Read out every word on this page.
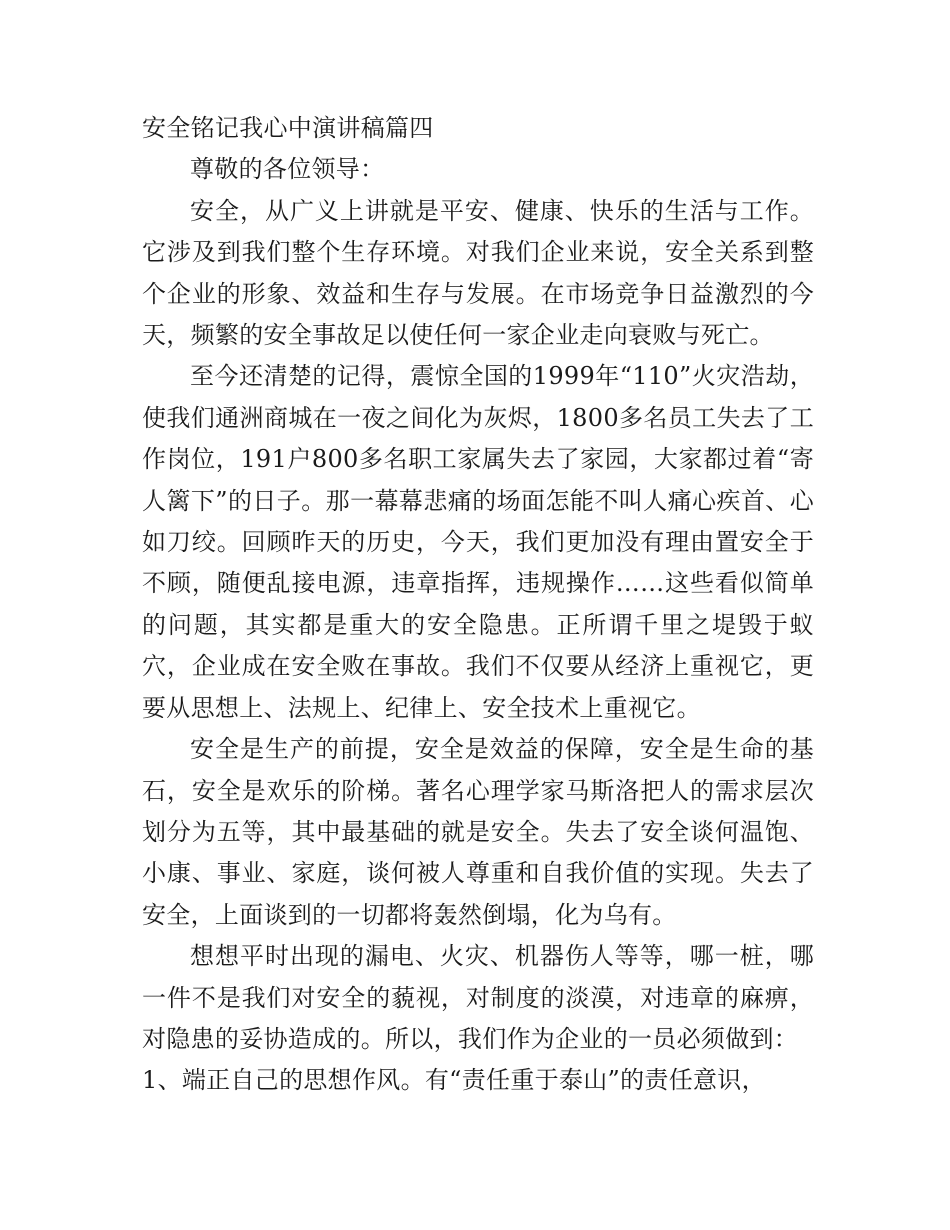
安全铭记我心中演讲稿篇四

尊敬的各位领导：

安全，从广义上讲就是平安、健康、快乐的生活与工作。它涉及到我们整个生存环境。对我们企业来说，安全关系到整个企业的形象、效益和生存与发展。在市场竞争日益激烈的今天，频繁的安全事故足以使任何一家企业走向衰败与死亡。

至今还清楚的记得，震惊全国的1999年“110”火灾浩劫，使我们通洲商城在一夜之间化为灰烬，1800多名员工失去了工作岗位，191户800多名职工家属失去了家园，大家都过着“寄人篱下”的日子。那一幕幕悲痛的场面怎能不叫人痛心疾首、心如刀绞。回顾昨天的历史，今天，我们更加没有理由置安全于不顾，随便乱接电源，违章指挥，违规操作……这些看似简单的问题，其实都是重大的安全隐患。正所谓千里之堤毁于蚁穴，企业成在安全败在事故。我们不仅要从经济上重视它，更要从思想上、法规上、纪律上、安全技术上重视它。

安全是生产的前提，安全是效益的保障，安全是生命的基石，安全是欢乐的阶梯。著名心理学家马斯洛把人的需求层次划分为五等，其中最基础的就是安全。失去了安全谈何温饱、小康、事业、家庭，谈何被人尊重和自我价值的实现。失去了安全，上面谈到的一切都将轰然倒塌，化为乌有。

想想平时出现的漏电、火灾、机器伤人等等，哪一桩，哪一件不是我们对安全的藐视，对制度的淡漠，对违章的麻痹，对隐患的妥协造成的。所以，我们作为企业的一员必须做到：

1、端正自己的思想作风。有“责任重于泰山”的责任意识，
